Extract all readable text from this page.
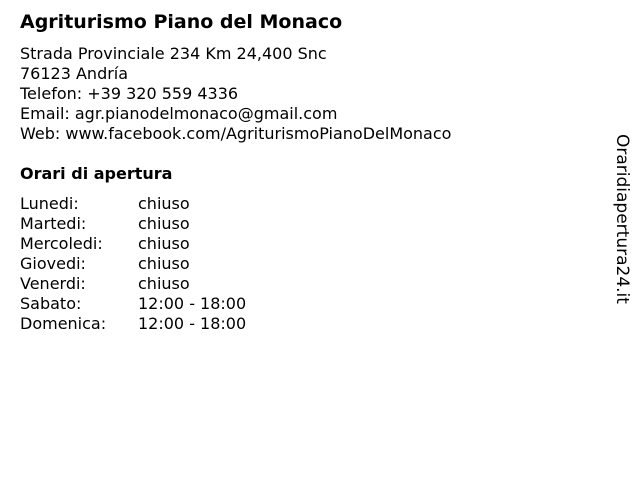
Agriturismo Piano del Monaco
Strada Provinciale 234 Km 24,400 Snc
76123 Andría
Telefon: +39 320 559 4336
Email: agr.pianodelmonaco@gmail.com
Web: www.facebook.com/AgriturismoPianoDelMonaco
Orari di apertura
Lunedi:	chiuso
Martedi:	chiuso
Mercoledi:	chiuso
Giovedi:	chiuso
Venerdi:	chiuso
Sabato:	12:00 - 18:00
Domenica:	12:00 - 18:00
Oraridiapertura24.it
